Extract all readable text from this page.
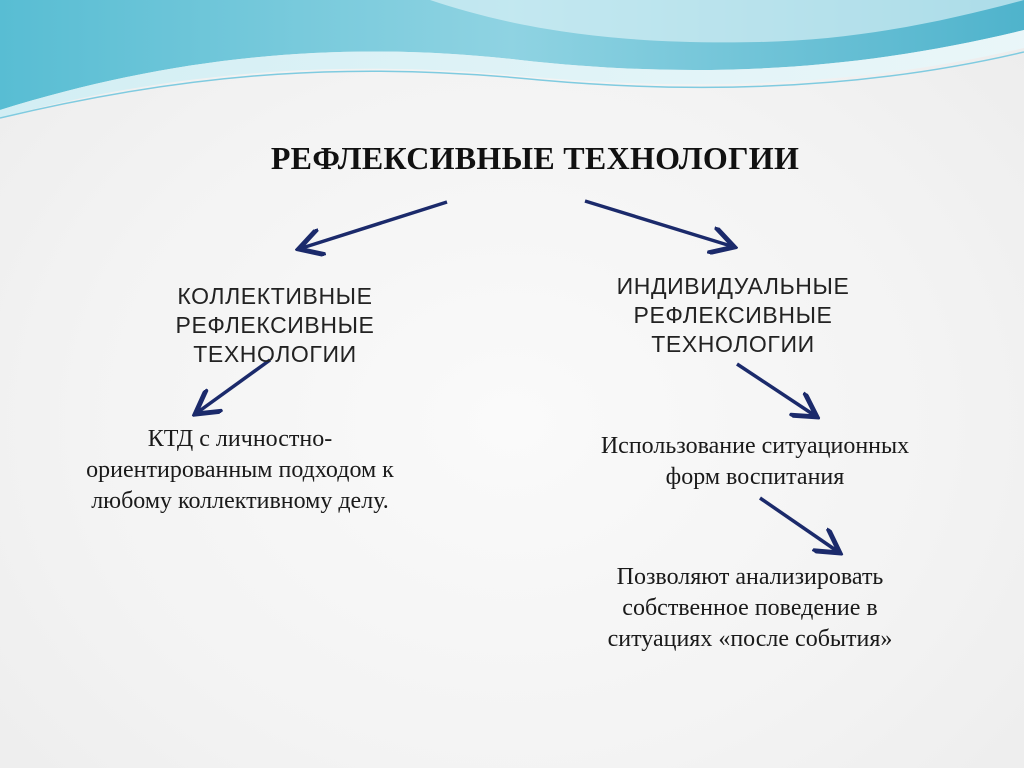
РЕФЛЕКСИВНЫЕ ТЕХНОЛОГИИ
КОЛЛЕКТИВНЫЕ
РЕФЛЕКСИВНЫЕ
ТЕХНОЛОГИИ
ИНДИВИДУАЛЬНЫЕ
РЕФЛЕКСИВНЫЕ
ТЕХНОЛОГИИ
КТД с личностно-
ориентированным подходом к
любому коллективному делу.
Использование ситуационных
форм воспитания
Позволяют анализировать
собственное поведение в
ситуациях «после события»
